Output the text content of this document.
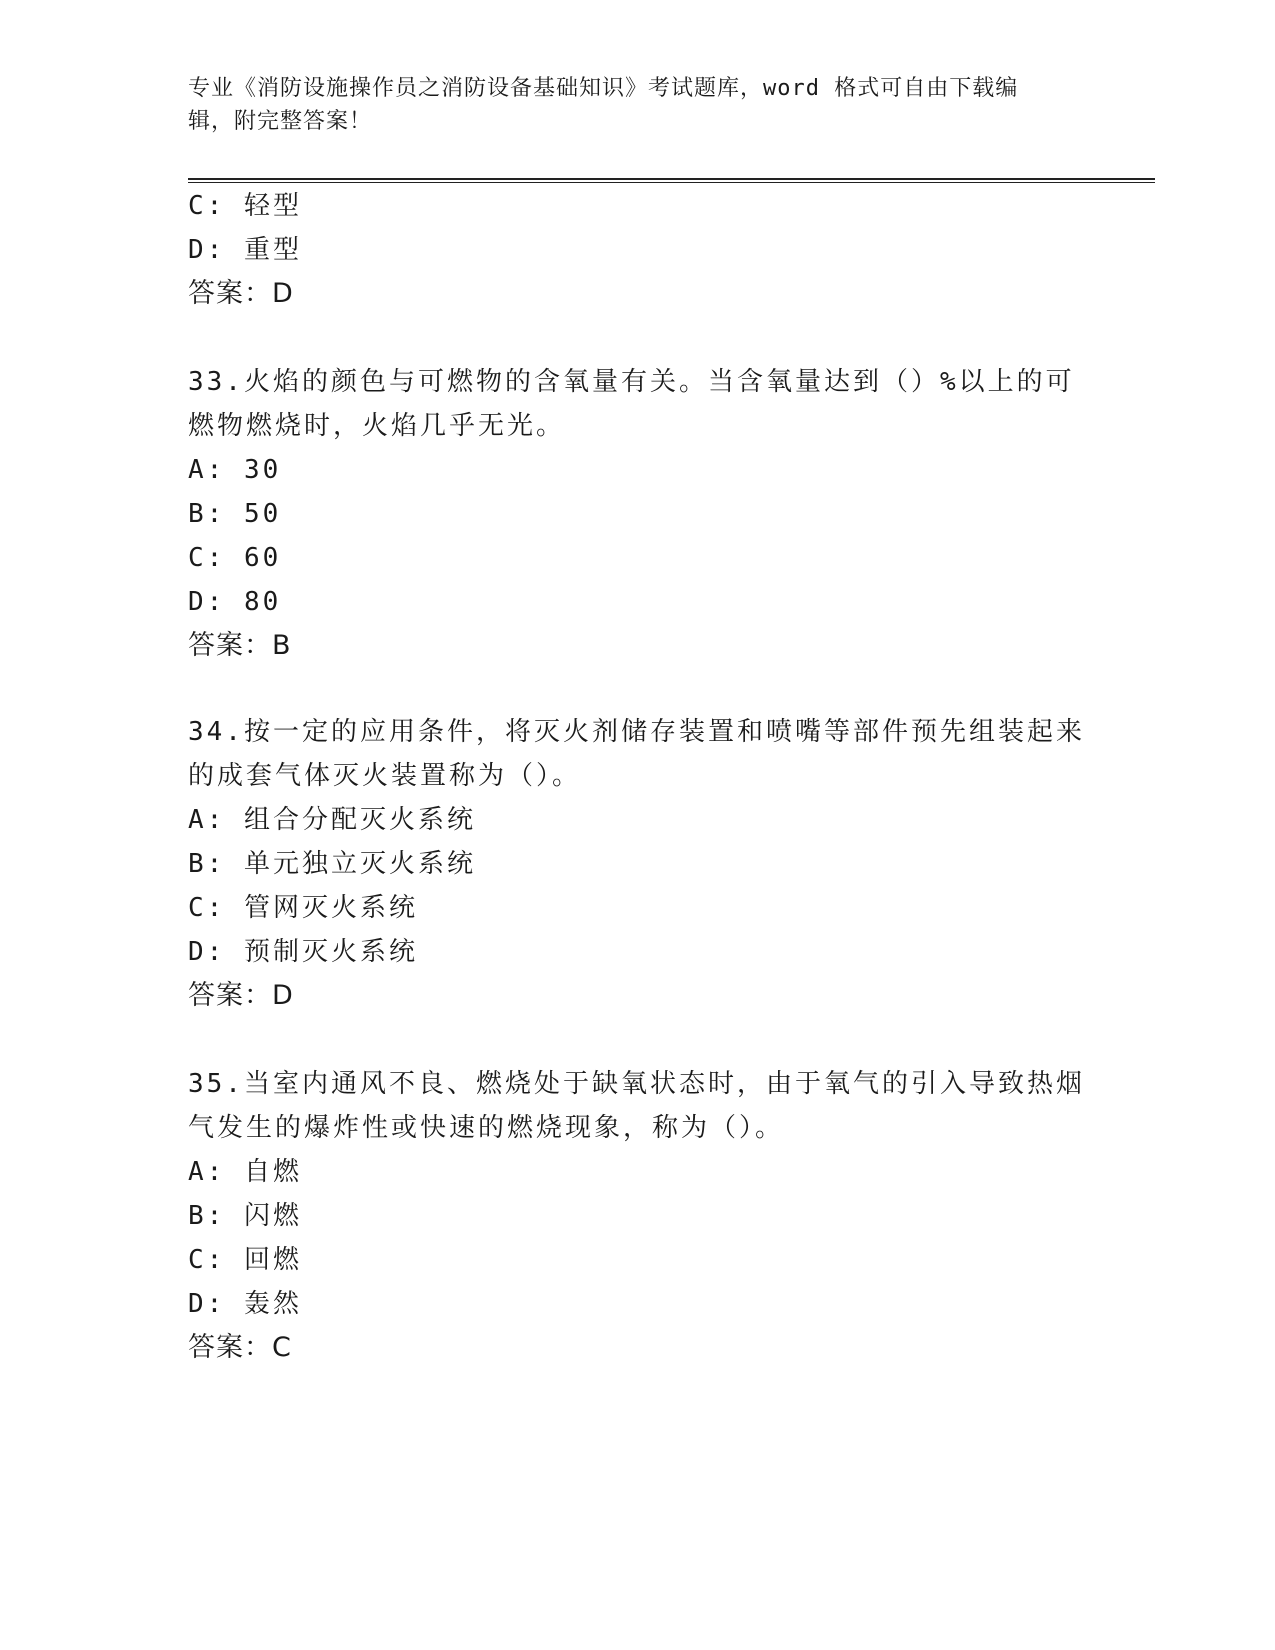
专业《消防设施操作员之消防设备基础知识》考试题库，word 格式可自由下载编
辑，附完整答案！
C: 轻型
D: 重型
答案：D
33.火焰的颜色与可燃物的含氧量有关。当含氧量达到（）%以上的可
燃物燃烧时，火焰几乎无光。
A: 30
B: 50
C: 60
D: 80
答案：B
34.按一定的应用条件，将灭火剂储存装置和喷嘴等部件预先组装起来
的成套气体灭火装置称为（）。
A: 组合分配灭火系统
B: 单元独立灭火系统
C: 管网灭火系统
D: 预制灭火系统
答案：D
35.当室内通风不良、燃烧处于缺氧状态时，由于氧气的引入导致热烟
气发生的爆炸性或快速的燃烧现象，称为（）。
A: 自燃
B: 闪燃
C: 回燃
D: 轰然
答案：C
